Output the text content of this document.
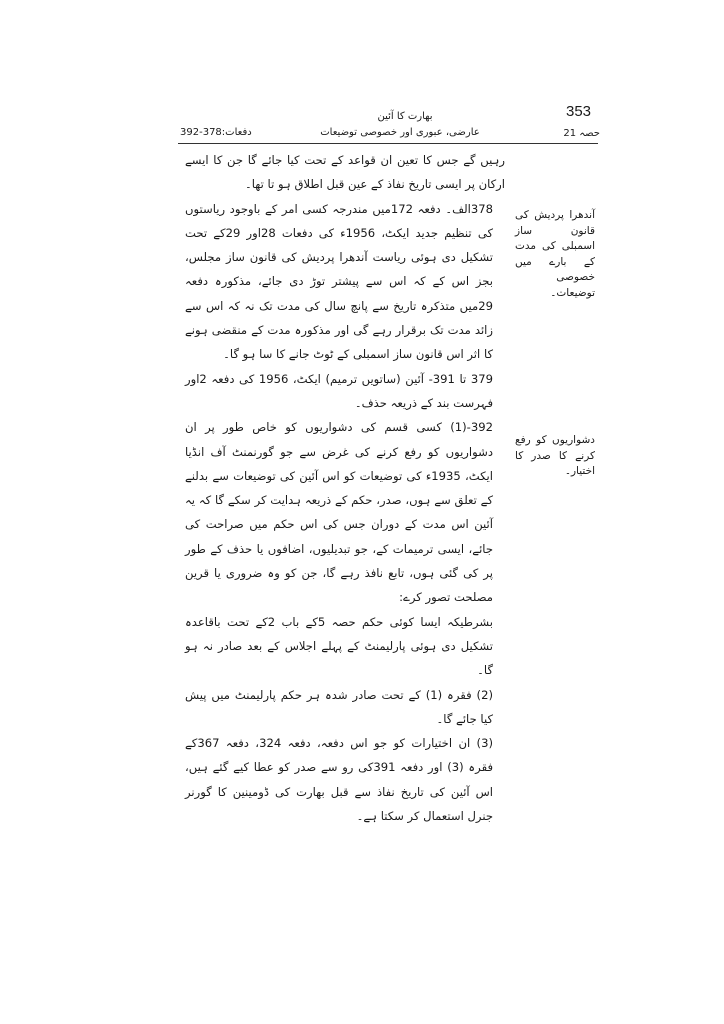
353
حصہ 21
بھارت کا آئین
عارضی، عبوری اور خصوصی توضیعات
دفعات:378-392

رہیں گے جس کا تعین ان قواعد کے تحت کیا جائے گا جن کا ایسے ارکان پر ایسی تاریخ نفاذ کے عین قبل اطلاق ہو تا تھا۔

378الف۔ دفعہ 172میں مندرجہ کسی امر کے باوجود ریاستوں کی تنظیم جدید ایکٹ، 1956ء کی دفعات 28اور 29کے تحت تشکیل دی ہوئی ریاست آندھرا پردیش کی قانون ساز مجلس، بجز اس کے کہ اس سے پیشتر توڑ دی جائے، مذکورہ دفعہ 29میں متذکرہ تاریخ سے پانچ سال کی مدت تک نہ کہ اس سے زائد مدت تک برقرار رہے گی اور مذکورہ مدت کے منقضی ہونے کا اثر اس قانون ساز اسمبلی کے ٹوٹ جانے کا سا ہو گا۔

379 تا 391- آئین (ساتویں ترمیم) ایکٹ، 1956 کی دفعہ 2اور فہرست بند کے ذریعہ حذف۔

392-(1) کسی قسم کی دشواریوں کو خاص طور پر ان دشواریوں کو رفع کرنے کی غرض سے جو گورنمنٹ آف انڈیا ایکٹ، 1935ء کی توضیعات کو اس آئین کی توضیعات سے بدلنے کے تعلق سے ہوں، صدر، حکم کے ذریعہ ہدایت کر سکے گا کہ یہ آئین اس مدت کے دوران جس کی اس حکم میں صراحت کی جائے، ایسی ترمیمات کے، جو تبدیلیوں، اضافوں یا حذف کے طور پر کی گئی ہوں، تابع نافذ رہے گا، جن کو وہ ضروری یا قرین مصلحت تصور کرے:

بشرطیکہ ایسا کوئی حکم حصہ 5کے باب 2کے تحت باقاعدہ تشکیل دی ہوئی پارلیمنٹ کے پہلے اجلاس کے بعد صادر نہ ہو گا۔

(2) فقرہ (1) کے تحت صادر شدہ ہر حکم پارلیمنٹ میں پیش کیا جائے گا۔

(3) ان اختیارات کو جو اس دفعہ، دفعہ 324، دفعہ 367کے فقرہ (3) اور دفعہ 391کی رو سے صدر کو عطا کیے گئے ہیں، اس آئین کی تاریخ نفاذ سے قبل بھارت کی ڈومینین کا گورنر جنرل استعمال کر سکتا ہے۔

آندھرا پردیش کی قانون ساز اسمبلی کی مدت کے بارے میں خصوصی توضیعات۔
دشواریوں کو رفع کرنے کا صدر کا اختیار۔
